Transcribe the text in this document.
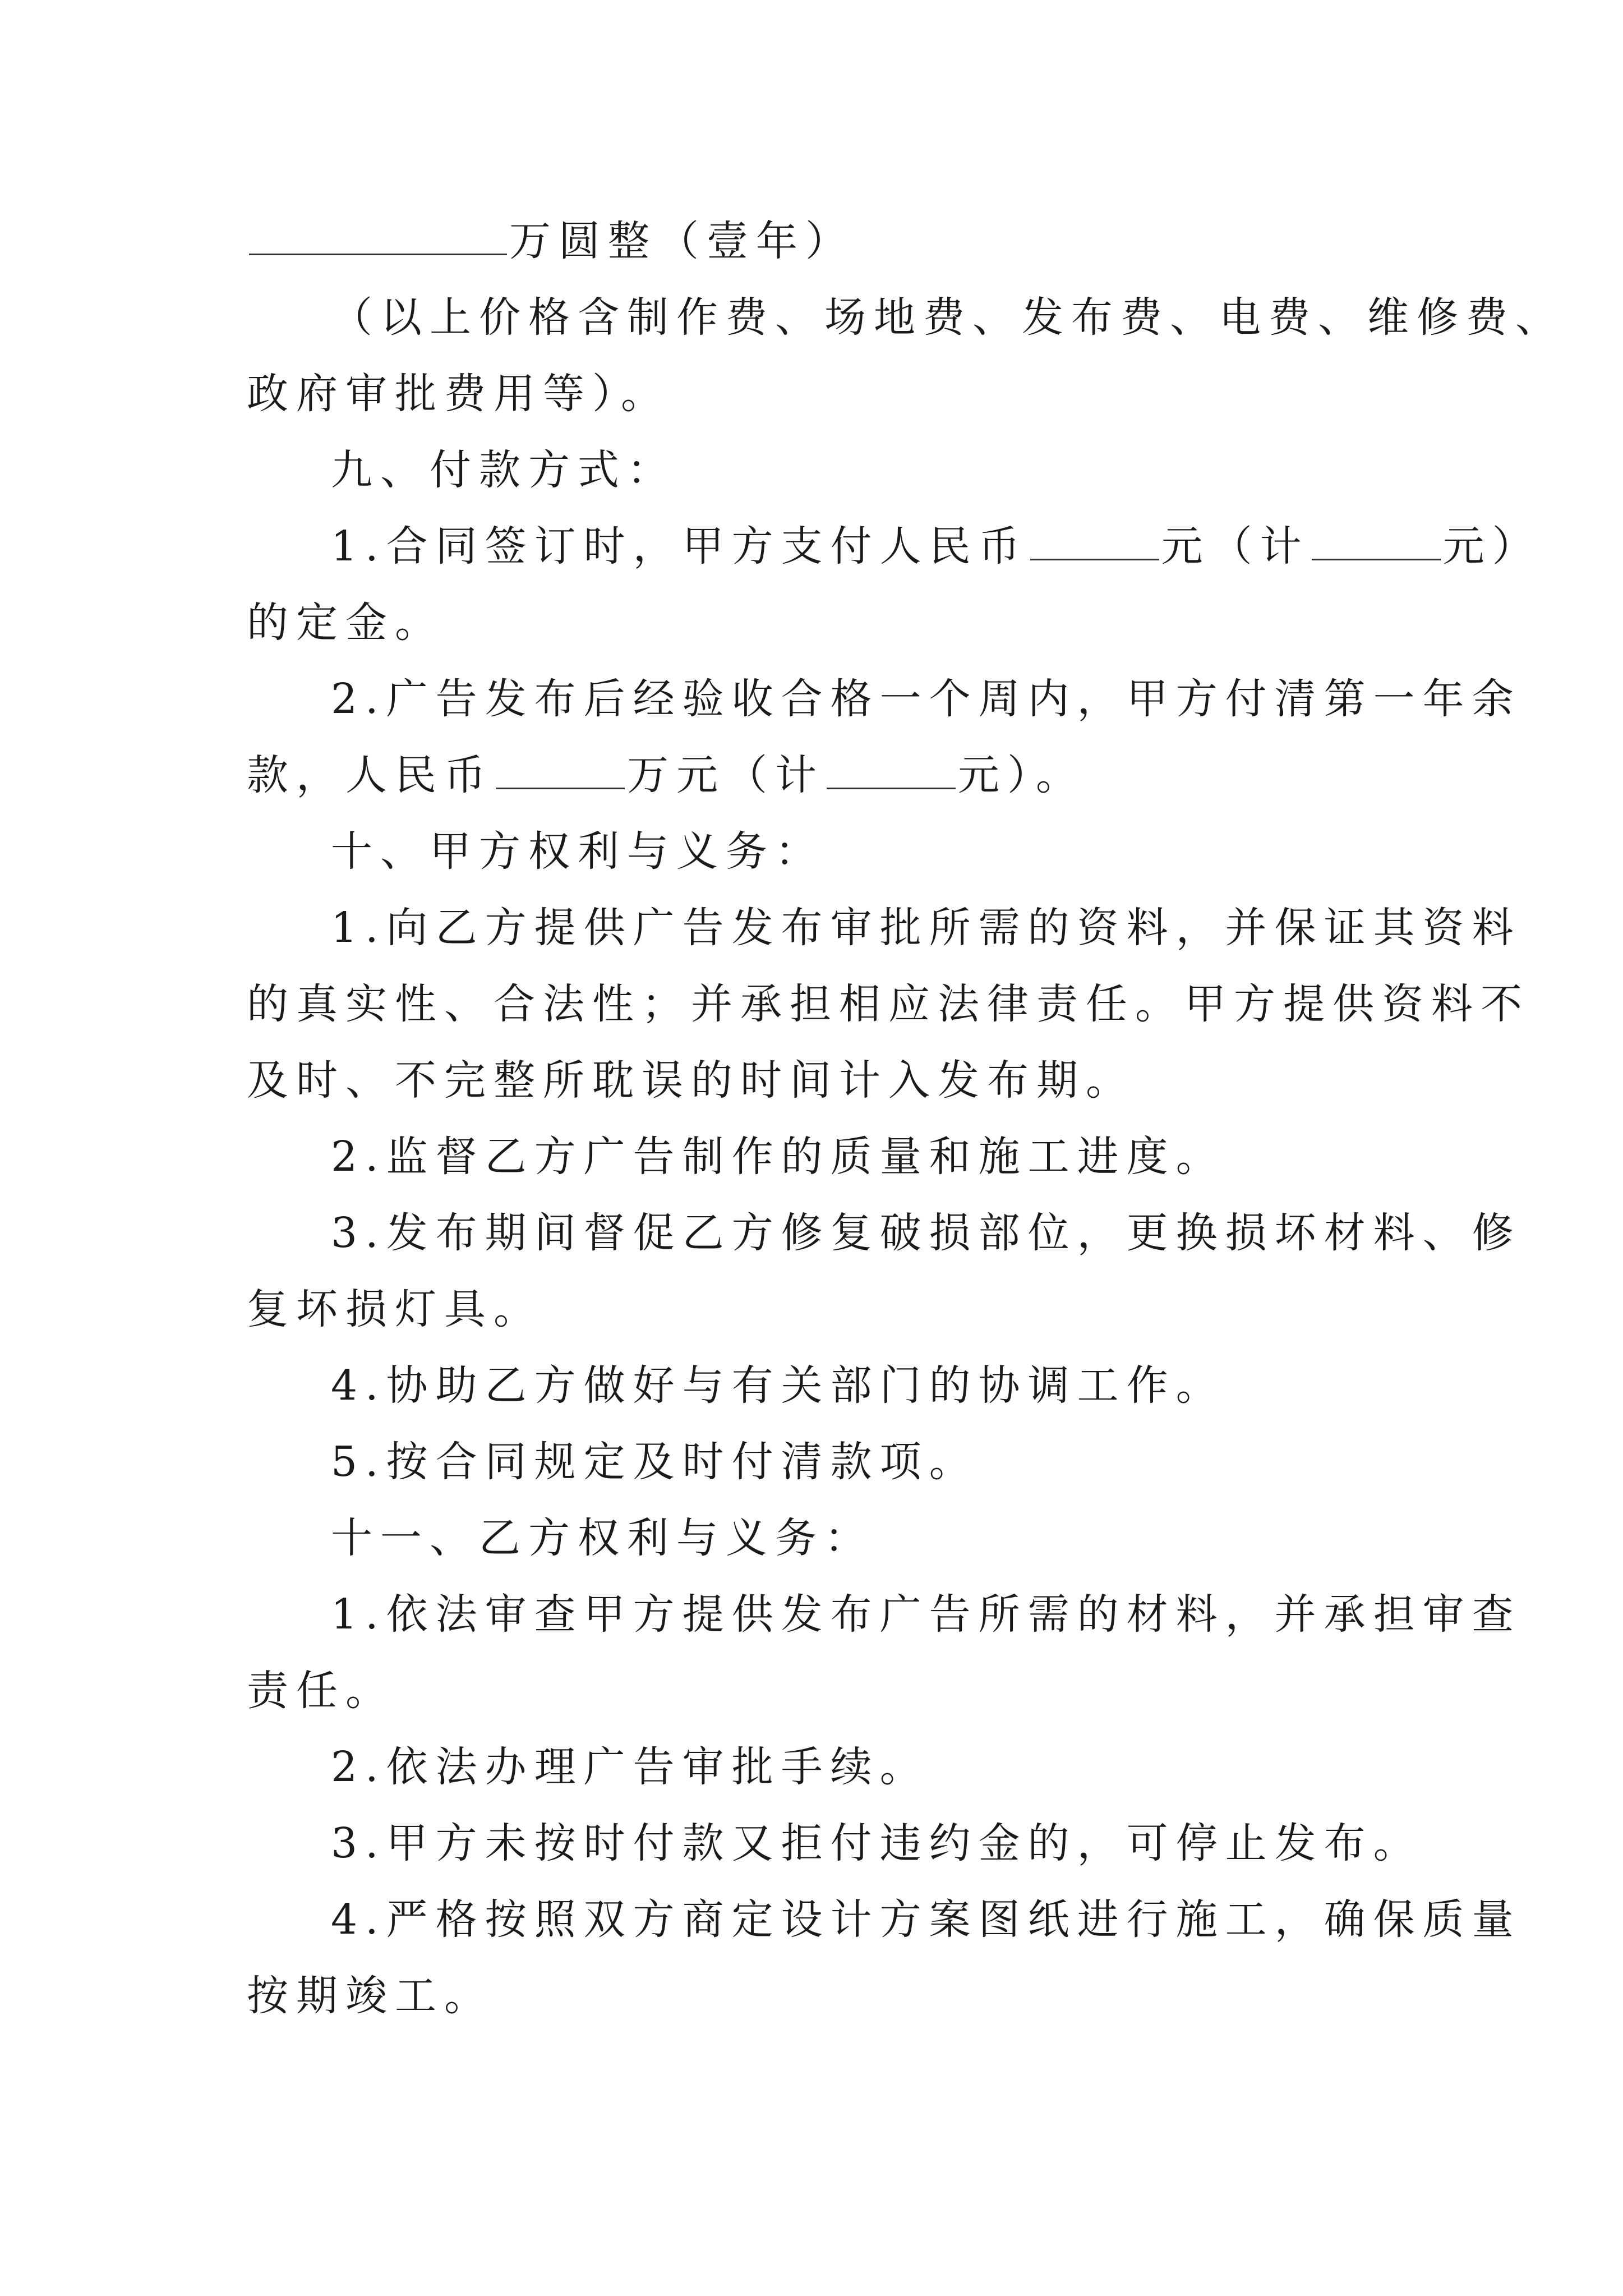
万圆整（壹年）
（以上价格含制作费、场地费、发布费、电费、维修费、
政府审批费用等）。
九、付款方式：
1.合同签订时，甲方支付人民币	元（计	元）
的定金。
2.广告发布后经验收合格一个周内，甲方付清第一年余
款，人民币	万元（计	元）。
十、甲方权利与义务：
1.向乙方提供广告发布审批所需的资料，并保证其资料
的真实性、合法性；并承担相应法律责任。甲方提供资料不
及时、不完整所耽误的时间计入发布期。
2.监督乙方广告制作的质量和施工进度。
3.发布期间督促乙方修复破损部位，更换损坏材料、修
复坏损灯具。
4.协助乙方做好与有关部门的协调工作。
5.按合同规定及时付清款项。
十一、乙方权利与义务：
1.依法审查甲方提供发布广告所需的材料，并承担审查
责任。
2.依法办理广告审批手续。
3.甲方未按时付款又拒付违约金的，可停止发布。
4.严格按照双方商定设计方案图纸进行施工，确保质量
按期竣工。
